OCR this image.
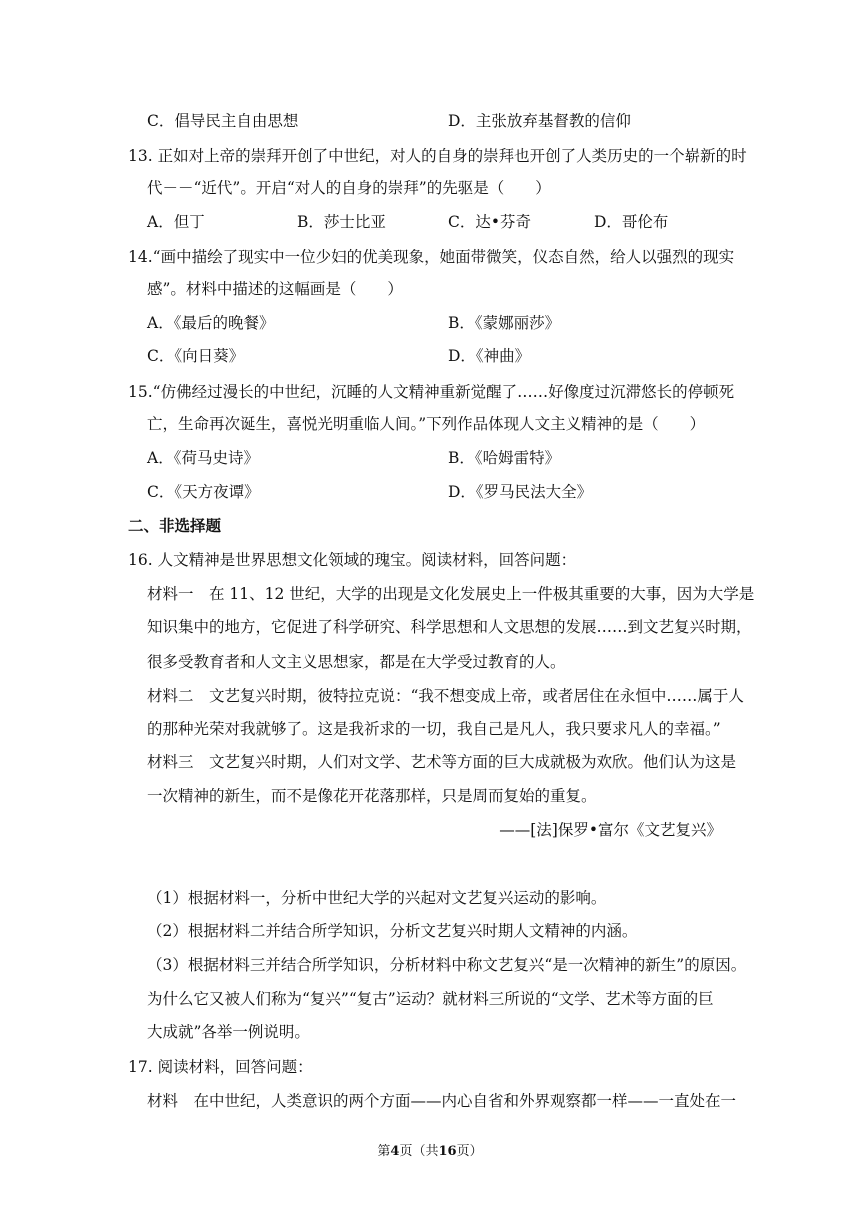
C．倡导民主自由思想	D．主张放弃基督教的信仰
13. 正如对上帝的崇拜开创了中世纪，对人的自身的崇拜也开创了人类历史的一个崭新的时
代－－“近代”。开启“对人的自身的崇拜”的先驱是（　　）
A．但丁	B．莎士比亚	C．达•芬奇	D．哥伦布
14.“画中描绘了现实中一位少妇的优美现象，她面带微笑，仪态自然，给人以强烈的现实
感”。材料中描述的这幅画是（　　）
A．《最后的晚餐》	B．《蒙娜丽莎》
C．《向日葵》	D．《神曲》
15.“仿佛经过漫长的中世纪，沉睡的人文精神重新觉醒了……好像度过沉滞悠长的停顿死
亡，生命再次诞生，喜悦光明重临人间。”下列作品体现人文主义精神的是（　　）
A．《荷马史诗》	B．《哈姆雷特》
C．《天方夜谭》	D．《罗马民法大全》
二、非选择题
16. 人文精神是世界思想文化领域的瑰宝。阅读材料，回答问题：
材料一　在 11、12 世纪，大学的出现是文化发展史上一件极其重要的大事，因为大学是
知识集中的地方，它促进了科学研究、科学思想和人文思想的发展……到文艺复兴时期，
很多受教育者和人文主义思想家，都是在大学受过教育的人。
材料二　文艺复兴时期，彼特拉克说：“我不想变成上帝，或者居住在永恒中……属于人
的那种光荣对我就够了。这是我祈求的一切，我自己是凡人，我只要求凡人的幸福。”
材料三　文艺复兴时期，人们对文学、艺术等方面的巨大成就极为欢欣。他们认为这是
一次精神的新生，而不是像花开花落那样，只是周而复始的重复。
——[法]保罗•富尔《文艺复兴》
（1）根据材料一，分析中世纪大学的兴起对文艺复兴运动的影响。
（2）根据材料二并结合所学知识，分析文艺复兴时期人文精神的内涵。
（3）根据材料三并结合所学知识，分析材料中称文艺复兴“是一次精神的新生”的原因。
为什么它又被人们称为“复兴”“复古”运动？就材料三所说的“文学、艺术等方面的巨
大成就”各举一例说明。
17. 阅读材料，回答问题：
材料　在中世纪，人类意识的两个方面——内心自省和外界观察都一样——一直处在一
第4页（共16页）
